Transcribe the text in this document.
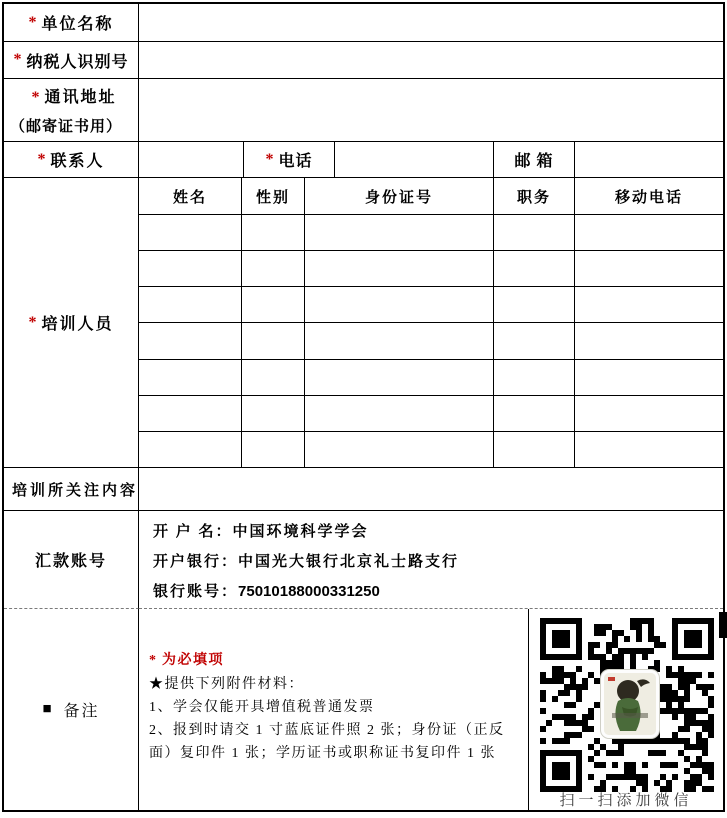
* 单位名称
* 纳税人识别号
* 通讯地址
（邮寄证书用）
* 联系人	* 电话	邮 箱
* 培训人员
姓名	性别	身份证号	职务	移动电话
培训所关注内容
汇款账号
开 户 名：中国环境科学学会
开户银行：中国光大银行北京礼士路支行
银行账号：75010188000331250
■ 备注
* 为必填项
★提供下列附件材料：
1、学会仅能开具增值税普通发票
2、报到时请交 1 寸蓝底证件照 2 张；身份证（正反面）复印件 1 张；学历证书或职称证书复印件 1 张
扫一扫添加微信
